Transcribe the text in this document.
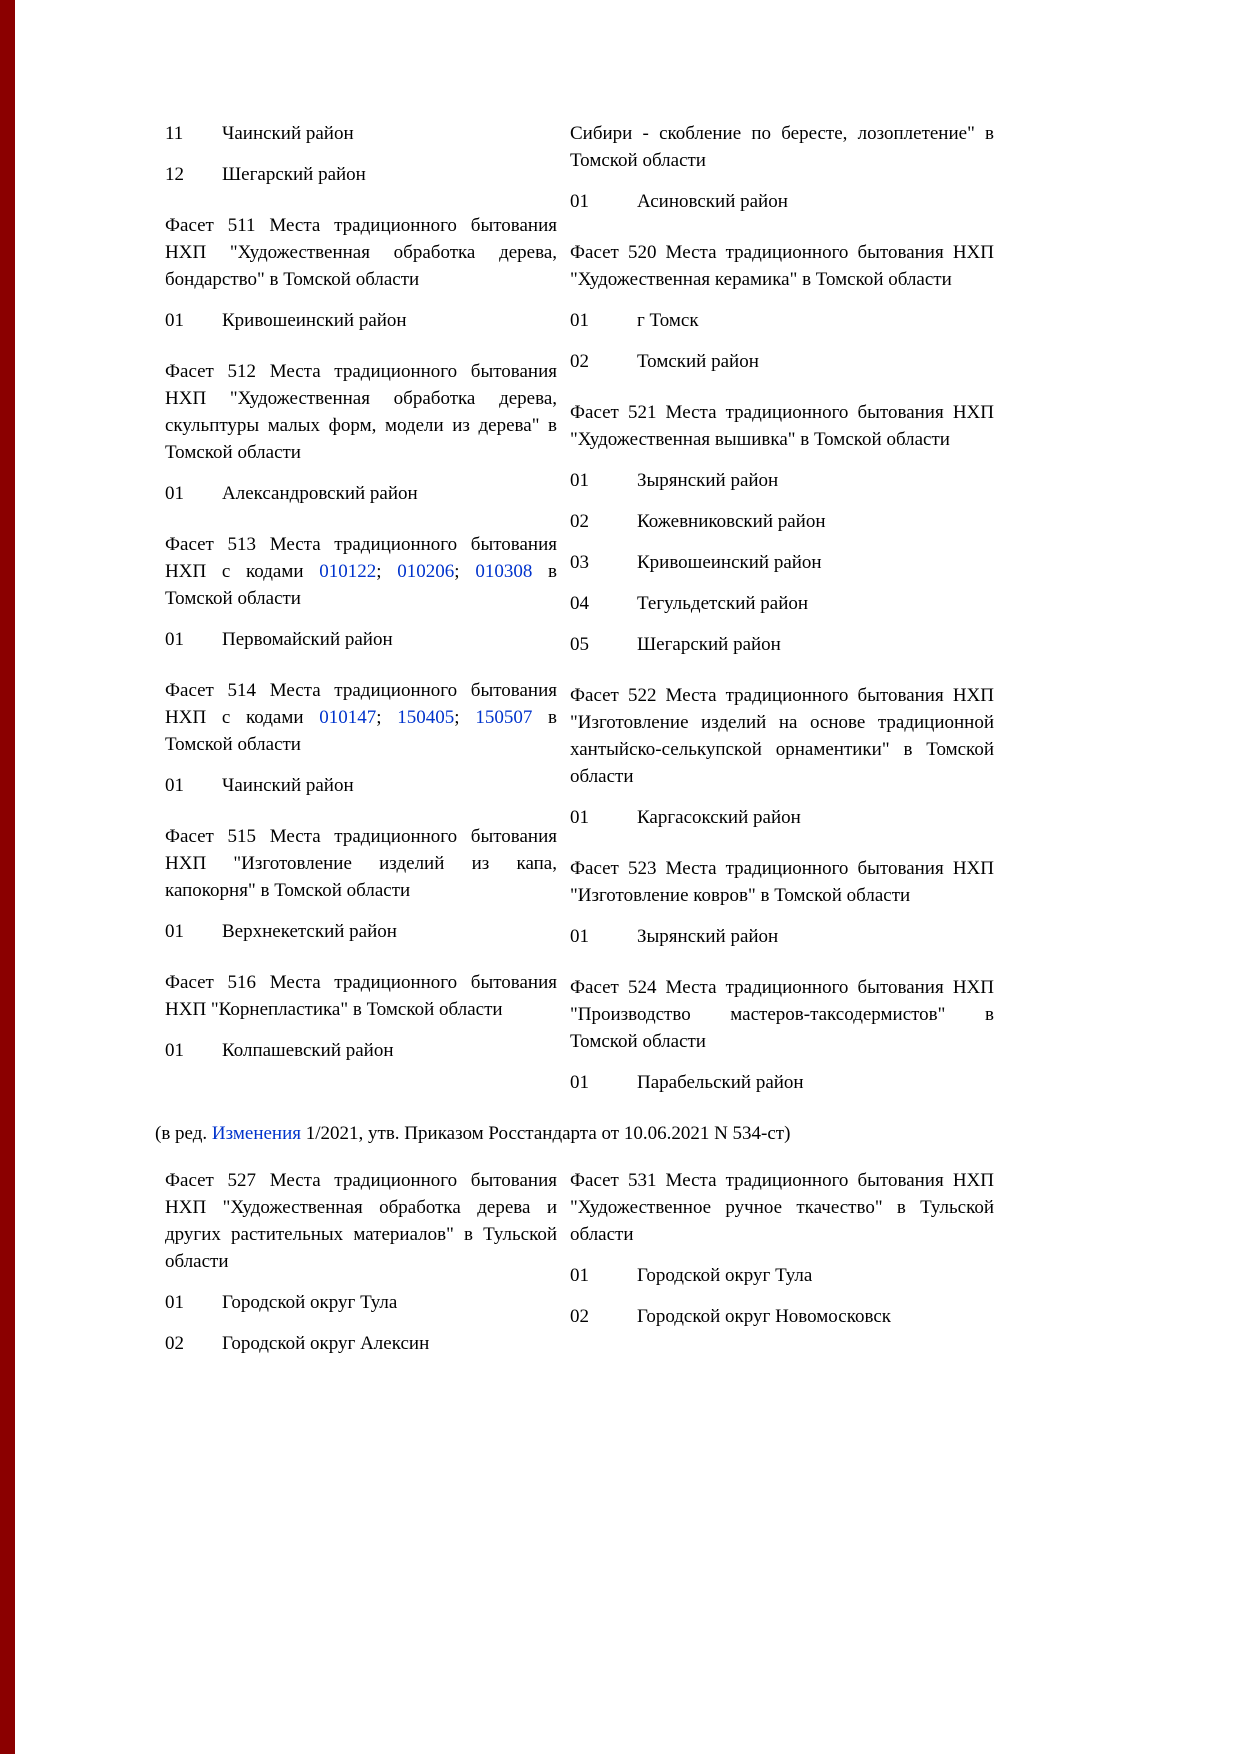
11	Чаинский район
12	Шегарский район

Фасет 511 Места традиционного бытования НХП "Художественная обработка дерева, бондарство" в Томской области

01	Кривошеинский район

Фасет 512 Места традиционного бытования НХП "Художественная обработка дерева, скульптуры малых форм, модели из дерева" в Томской области

01	Александровский район

Фасет 513 Места традиционного бытования НХП с кодами 010122; 010206; 010308 в Томской области

01	Первомайский район

Фасет 514 Места традиционного бытования НХП с кодами 010147; 150405; 150507 в Томской области

01	Чаинский район

Фасет 515 Места традиционного бытования НХП "Изготовление изделий из капа, капокорня" в Томской области

01	Верхнекетский район

Фасет 516 Места традиционного бытования НХП "Корнепластика" в Томской области

01	Колпашевский район

Сибири - скобление по бересте, лозоплетение" в Томской области

01	Асиновский район

Фасет 520 Места традиционного бытования НХП "Художественная керамика" в Томской области

01	г Томск
02	Томский район

Фасет 521 Места традиционного бытования НХП "Художественная вышивка" в Томской области

01	Зырянский район
02	Кожевниковский район
03	Кривошеинский район
04	Тегульдетский район
05	Шегарский район

Фасет 522 Места традиционного бытования НХП "Изготовление изделий на основе традиционной хантыйско-селькупской орнаментики" в Томской области

01	Каргасокский район

Фасет 523 Места традиционного бытования НХП "Изготовление ковров" в Томской области

01	Зырянский район

Фасет 524 Места традиционного бытования НХП "Производство мастеров-таксодермистов" в Томской области

01	Парабельский район

(в ред. Изменения 1/2021, утв. Приказом Росстандарта от 10.06.2021 N 534-ст)

Фасет 527 Места традиционного бытования НХП "Художественная обработка дерева и других растительных материалов" в Тульской области

01	Городской округ Тула
02	Городской округ Алексин

Фасет 531 Места традиционного бытования НХП "Художественное ручное ткачество" в Тульской области

01	Городской округ Тула
02	Городской округ Новомосковск
